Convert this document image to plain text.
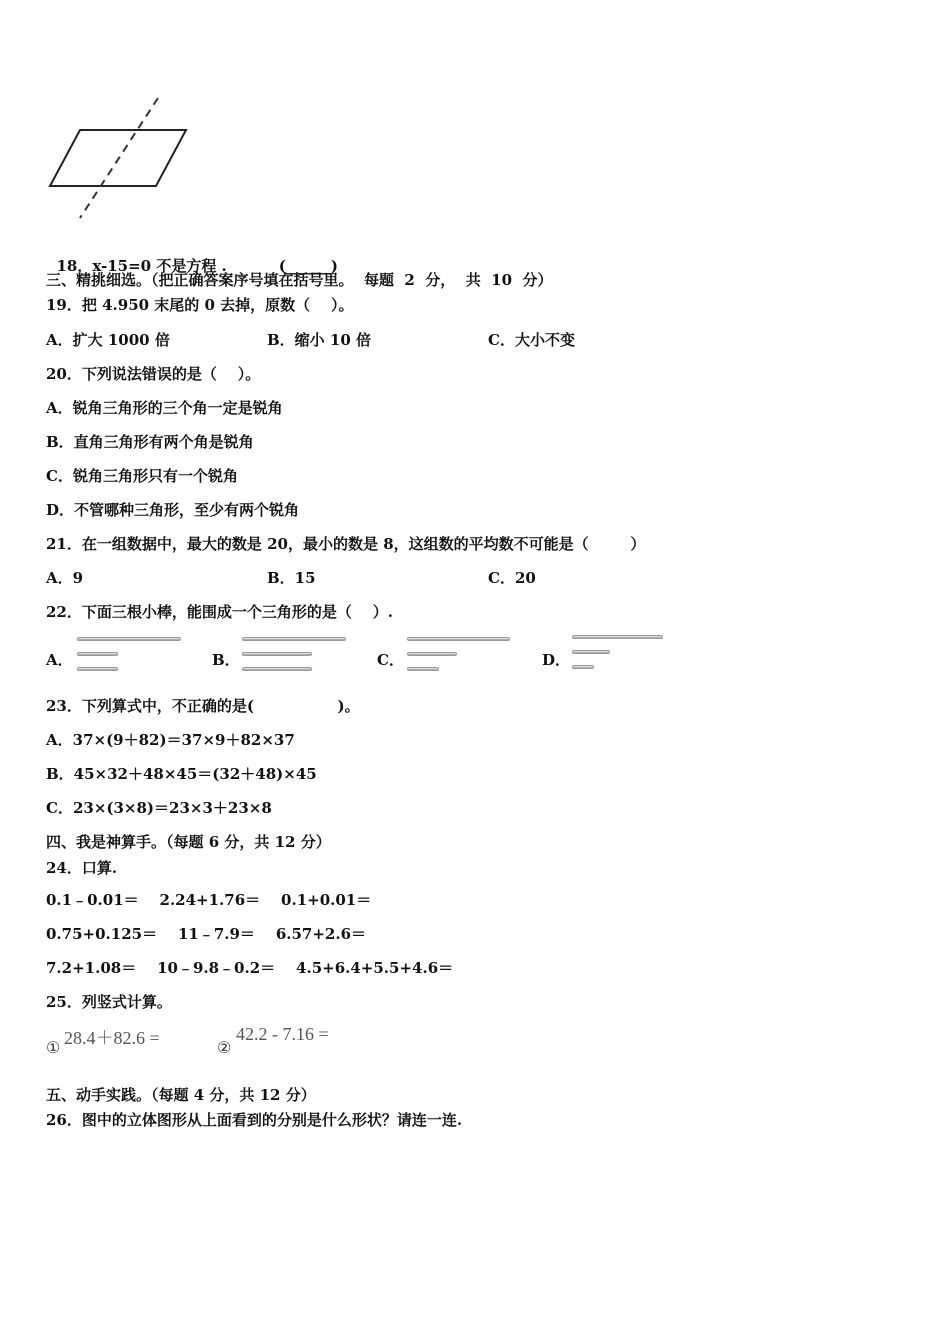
18．x-15=0 不是方程 .	(______)

三、精挑细选。（把正确答案序号填在括号里。  每题  2  分，  共  10  分）
19．把 4.950 末尾的 0 去掉，原数（    ）。
A．扩大 1000 倍	B．缩小 10 倍	C．大小不变
20．下列说法错误的是（    ）。
A．锐角三角形的三个角一定是锐角
B．直角三角形有两个角是锐角
C．锐角三角形只有一个锐角
D．不管哪种三角形，至少有两个锐角
21．在一组数据中，最大的数是 20，最小的数是 8，这组数的平均数不可能是（        ）
A．9	B．15	C．20
22．下面三根小棒，能围成一个三角形的是（    ）.
A．	B．	C．	D．
23．下列算式中，不正确的是(                )。
A．37×(9＋82)＝37×9＋82×37
B．45×32＋48×45＝(32＋48)×45
C．23×(3×8)＝23×3＋23×8
四、我是神算手。（每题 6 分，共 12 分）
24．口算.
0.1﹣0.01＝    2.24+1.76＝    0.1+0.01＝
0.75+0.125＝    11﹣7.9＝    6.57+2.6＝
7.2+1.08＝    10﹣9.8﹣0.2＝    4.5+6.4+5.5+4.6＝
25．列竖式计算。
① 28.4＋82.6 =	②
42.2 - 7.16 =
五、动手实践。（每题 4 分，共 12 分）
26．图中的立体图形从上面看到的分别是什么形状？请连一连.
